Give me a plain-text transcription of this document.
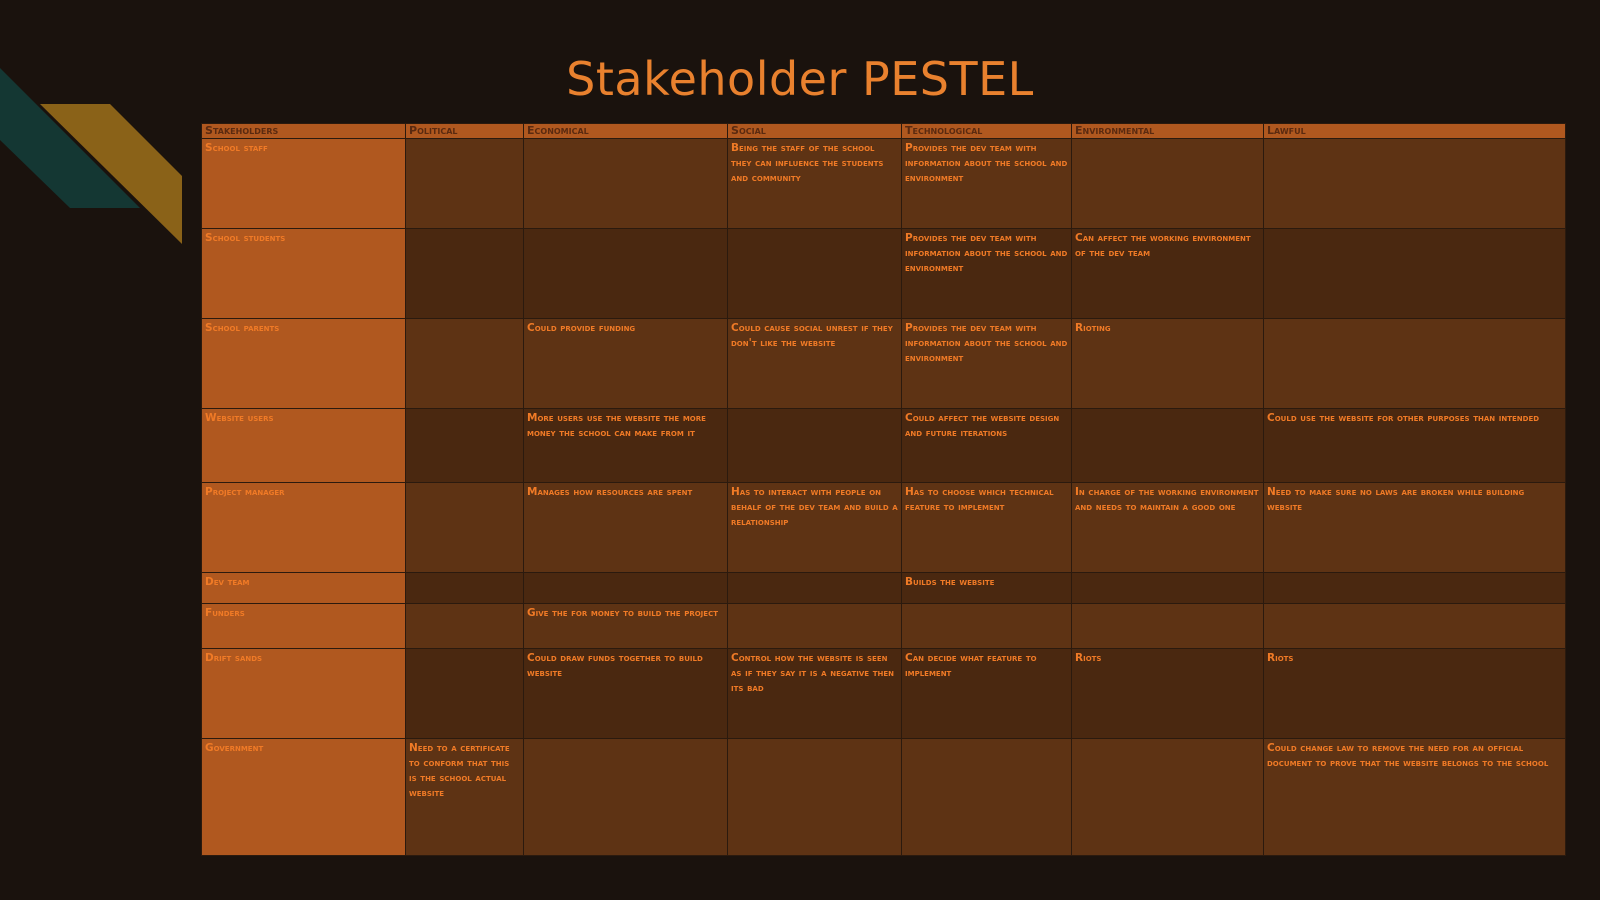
Stakeholder PESTEL
Stakeholders	political	economical	social	technological	environmental	lawful

School staff			being the staff of the school they can influence the students and community	provides the dev team with information about the school and environment		

School students				provides the dev team with information about the school and environment	can affect the working environment of the dev team	

School parents		could provide funding	could cause social unrest if they don't like the website	provides the dev team with information about the school and environment	rioting	

Website users		more users use the website the more money the school can make from it		could affect the website design and future iterations		could use the website for other purposes than intended

Project manager		manages how resources are spent	has to interact with people on behalf of the dev team and build a relationship	has to choose which technical feature to implement	in charge of the working environment and needs to maintain a good one	need to make sure no laws are broken while building website

Dev team				builds the website		

Funders		give the for money to build the project				

Drift sands		could draw funds together to build website	control how the website is seen as if they say it is a negative then its bad	can decide what feature to implement	riots	riots

Government	need to a certificate to conform that this is the school actual website					could change law to remove the need for an official document to prove that the website belongs to the school
